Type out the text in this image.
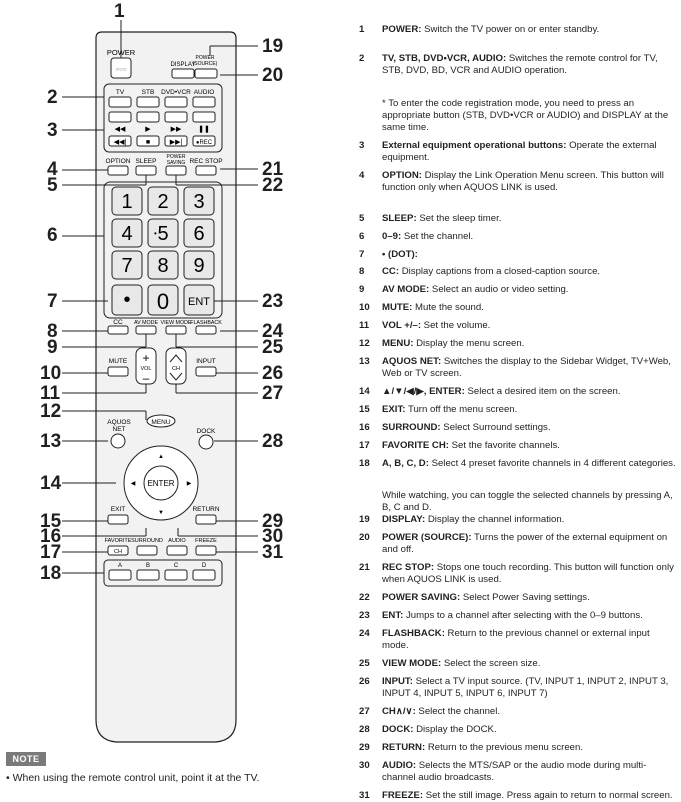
POWER
○○○
DISPLAY
POWER
(SOURCE)
TV	STB DVD•VCR AUDIO
◀◀	▶	▶▶ ❚❚
◀◀|	■	▶▶| ●REC
OPTION SLEEP
POWER
SAVING REC STOP
1 2 3
4 5 6
7 8 9
•
• 0 ENT
CC AV MODE VIEW MODE
FLASHBACK
MUTE +
VOL
–
CH
INPUT
MENU
AQUOS
NET	DOCK
ENTER
▲
▼
◀	▶
EXIT	RETURN
FAVORITE SURROUND AUDIO FREEZE
CH
A	B	C	D
1
19
20
2
3
4	21
5	22
6
7	23
8	24
9	25
10	26
11	27
12
13	28
14
15	29
16	30
17	31
18
NOTE
• When using the remote control unit, point it at the TV.
1	POWER: Switch the TV power on or enter standby.
2	TV, STB, DVD•VCR, AUDIO: Switches the remote control for TV, STB, DVD, BD, VCR and AUDIO operation.
3	External equipment operational buttons: Operate the external equipment.
4	OPTION: Display the Link Operation Menu screen. This button will function only when AQUOS LINK is used.
5	SLEEP: Set the sleep timer.
6	0–9: Set the channel.
7	• (DOT):
8	CC: Display captions from a closed-caption source.
9	AV MODE: Select an audio or video setting.
10	MUTE: Mute the sound.
11	VOL +/–: Set the volume.
12	MENU: Display the menu screen.
13	AQUOS NET: Switches the display to the Sidebar Widget, TV+Web, Web or TV screen.
14	▲/▼/◀/▶, ENTER: Select a desired item on the screen.
15	EXIT: Turn off the menu screen.
16	SURROUND: Select Surround settings.
17	FAVORITE CH: Set the favorite channels.
18	A, B, C, D: Select 4 preset favorite channels in 4 different categories.
19	DISPLAY: Display the channel information.
20	POWER (SOURCE): Turns the power of the external equipment on and off.
21	REC STOP: Stops one touch recording. This button will function only when AQUOS LINK is used.
22	POWER SAVING: Select Power Saving settings.
23	ENT: Jumps to a channel after selecting with the 0–9 buttons.
24	FLASHBACK: Return to the previous channel or external input mode.
25	VIEW MODE: Select the screen size.
26	INPUT: Select a TV input source. (TV, INPUT 1, INPUT 2, INPUT 3, INPUT 4, INPUT 5, INPUT 6, INPUT 7)
27	CH∧/∨: Select the channel.
28	DOCK: Display the DOCK.
29	RETURN: Return to the previous menu screen.
30	AUDIO: Selects the MTS/SAP or the audio mode during multi-channel audio broadcasts.
31	FREEZE: Set the still image. Press again to return to normal screen.
* To enter the code registration mode, you need to press an appropriate button (STB, DVD•VCR or AUDIO) and DISPLAY at the same time.
While watching, you can toggle the selected channels by pressing A, B, C and D.
